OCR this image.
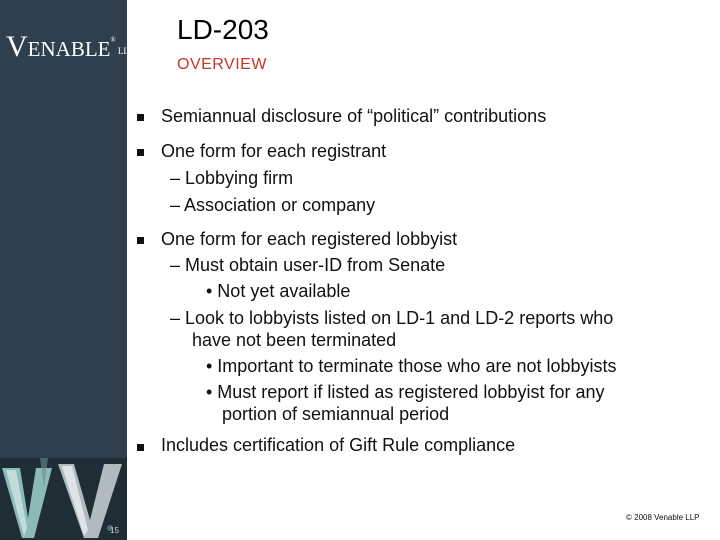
VENABLE®LLP
15
LD-203
OVERVIEW
Semiannual disclosure of “political” contributions
One form for each registrant
– Lobbying firm
– Association or company
One form for each registered lobbyist
– Must obtain user-ID from Senate
• Not yet available
– Look to lobbyists listed on LD-1 and LD-2 reports who
have not been terminated
• Important to terminate those who are not lobbyists
• Must report if listed as registered lobbyist for any
portion of semiannual period
Includes certification of Gift Rule compliance
© 2008 Venable LLP
